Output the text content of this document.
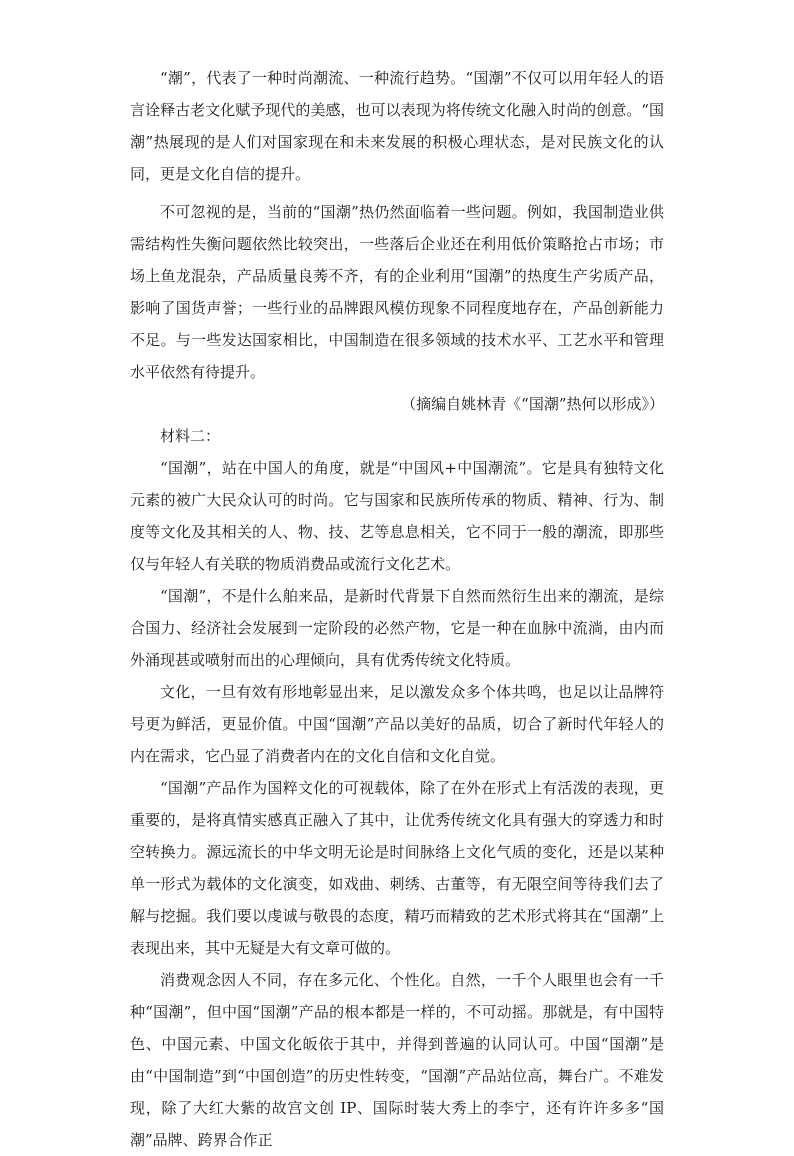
“潮”，代表了一种时尚潮流、一种流行趋势。“国潮”不仅可以用年轻人的语言诠释古老文化赋予现代的美感，也可以表现为将传统文化融入时尚的创意。“国潮”热展现的是人们对国家现在和未来发展的积极心理状态，是对民族文化的认同，更是文化自信的提升。

不可忽视的是，当前的“国潮”热仍然面临着一些问题。例如，我国制造业供需结构性失衡问题依然比较突出，一些落后企业还在利用低价策略抢占市场；市场上鱼龙混杂，产品质量良莠不齐，有的企业利用“国潮”的热度生产劣质产品，影响了国货声誉；一些行业的品牌跟风模仿现象不同程度地存在，产品创新能力不足。与一些发达国家相比，中国制造在很多领域的技术水平、工艺水平和管理水平依然有待提升。

（摘编自姚林青《“国潮”热何以形成》）

材料二：

“国潮”，站在中国人的角度，就是“中国风+中国潮流”。它是具有独特文化元素的被广大民众认可的时尚。它与国家和民族所传承的物质、精神、行为、制度等文化及其相关的人、物、技、艺等息息相关，它不同于一般的潮流，即那些仅与年轻人有关联的物质消费品或流行文化艺术。

“国潮”，不是什么舶来品，是新时代背景下自然而然衍生出来的潮流，是综合国力、经济社会发展到一定阶段的必然产物，它是一种在血脉中流淌，由内而外涌现甚或喷射而出的心理倾向，具有优秀传统文化特质。

文化，一旦有效有形地彰显出来，足以激发众多个体共鸣，也足以让品牌符号更为鲜活，更显价值。中国“国潮”产品以美好的品质，切合了新时代年轻人的内在需求，它凸显了消费者内在的文化自信和文化自觉。

“国潮”产品作为国粹文化的可视载体，除了在外在形式上有活泼的表现，更重要的，是将真情实感真正融入了其中，让优秀传统文化具有强大的穿透力和时空转换力。源远流长的中华文明无论是时间脉络上文化气质的变化，还是以某种单一形式为载体的文化演变，如戏曲、刺绣、古董等，有无限空间等待我们去了解与挖掘。我们要以虔诚与敬畏的态度，精巧而精致的艺术形式将其在“国潮”上表现出来，其中无疑是大有文章可做的。

消费观念因人不同，存在多元化、个性化。自然，一千个人眼里也会有一千种“国潮”，但中国“国潮”产品的根本都是一样的，不可动摇。那就是，有中国特色、中国元素、中国文化皈依于其中，并得到普遍的认同认可。中国“国潮”是由“中国制造”到“中国创造”的历史性转变，“国潮”产品站位高，舞台广。不难发现，除了大红大紫的故宫文创 IP、国际时装大秀上的李宁，还有许许多多“国潮”品牌、跨界合作正
